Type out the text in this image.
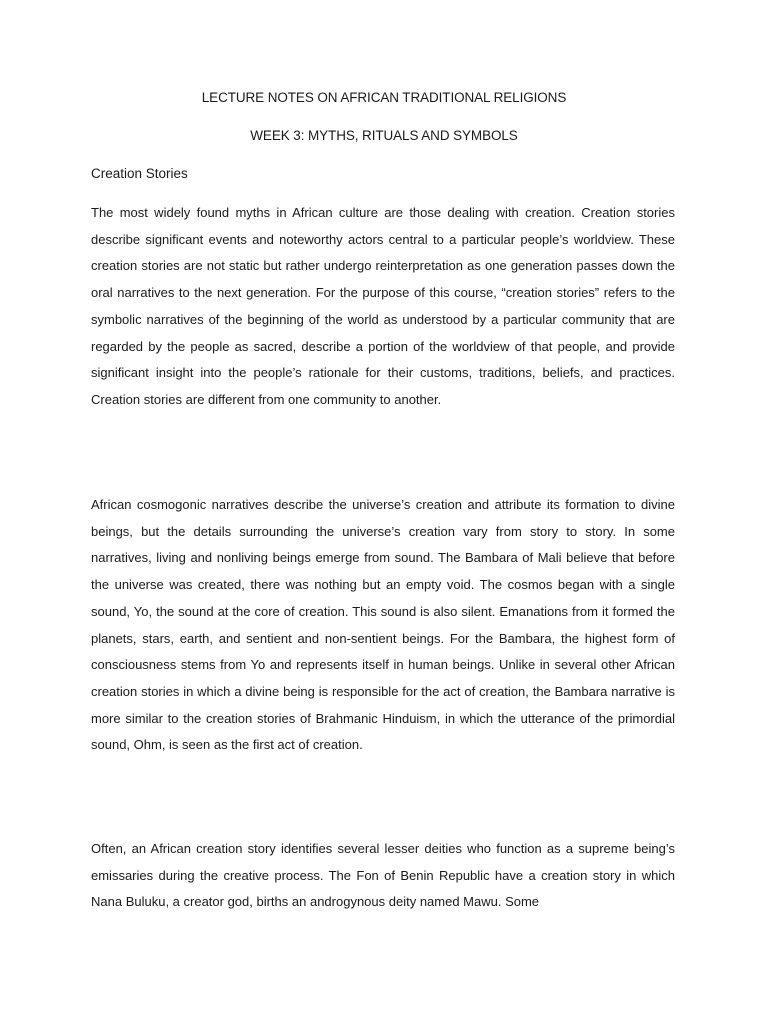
LECTURE NOTES ON AFRICAN TRADITIONAL RELIGIONS
WEEK 3: MYTHS, RITUALS AND SYMBOLS
Creation Stories

The most widely found myths in African culture are those dealing with creation. Creation stories describe significant events and noteworthy actors central to a particular people’s worldview. These creation stories are not static but rather undergo reinterpretation as one generation passes down the oral narratives to the next generation. For the purpose of this course, “creation stories” refers to the symbolic narratives of the beginning of the world as understood by a particular community that are regarded by the people as sacred, describe a portion of the worldview of that people, and provide significant insight into the people’s rationale for their customs, traditions, beliefs, and practices. Creation stories are different from one community to another.

African cosmogonic narratives describe the universe’s creation and attribute its formation to divine beings, but the details surrounding the universe’s creation vary from story to story. In some narratives, living and nonliving beings emerge from sound. The Bambara of Mali believe that before the universe was created, there was nothing but an empty void. The cosmos began with a single sound, Yo, the sound at the core of creation. This sound is also silent. Emanations from it formed the planets, stars, earth, and sentient and non-sentient beings. For the Bambara, the highest form of consciousness stems from Yo and represents itself in human beings. Unlike in several other African creation stories in which a divine being is responsible for the act of creation, the Bambara narrative is more similar to the creation stories of Brahmanic Hinduism, in which the utterance of the primordial sound, Ohm, is seen as the first act of creation.

Often, an African creation story identifies several lesser deities who function as a supreme being’s emissaries during the creative process. The Fon of Benin Republic have a creation story in which Nana Buluku, a creator god, births an androgynous deity named Mawu. Some
